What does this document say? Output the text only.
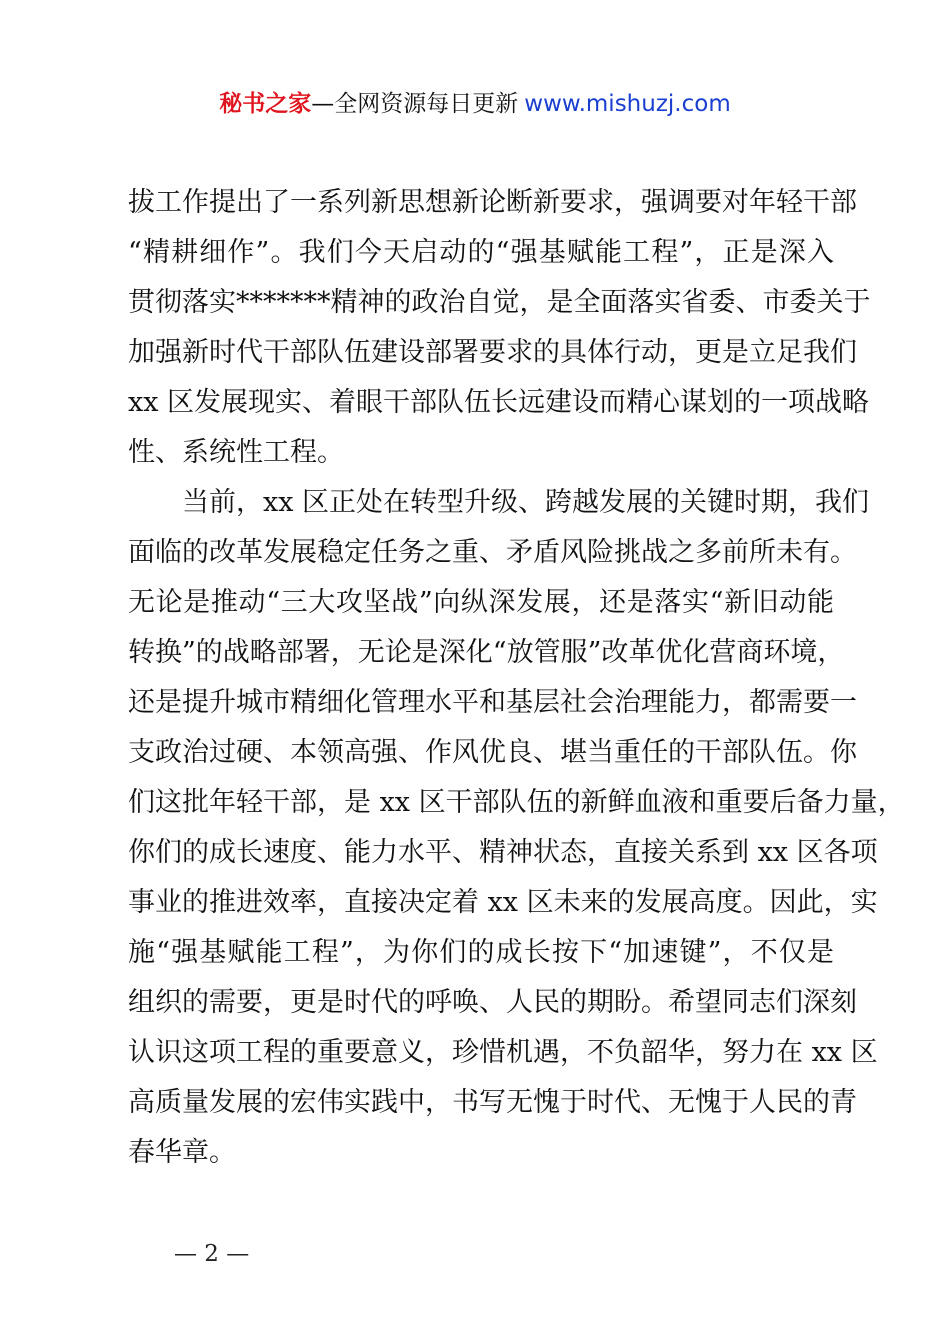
秘书之家—全网资源每日更新 www.mishuzj.com
拔工作提出了一系列新思想新论断新要求，强调要对年轻干部
“精耕细作”。我们今天启动的“强基赋能工程”，正是深入
贯彻落实*******精神的政治自觉，是全面落实省委、市委关于
加强新时代干部队伍建设部署要求的具体行动，更是立足我们
xx 区发展现实、着眼干部队伍长远建设而精心谋划的一项战略
性、系统性工程。
当前，xx 区正处在转型升级、跨越发展的关键时期，我们
面临的改革发展稳定任务之重、矛盾风险挑战之多前所未有。
无论是推动“三大攻坚战”向纵深发展，还是落实“新旧动能
转换”的战略部署，无论是深化“放管服”改革优化营商环境，
还是提升城市精细化管理水平和基层社会治理能力，都需要一
支政治过硬、本领高强、作风优良、堪当重任的干部队伍。你
们这批年轻干部，是 xx 区干部队伍的新鲜血液和重要后备力量，
你们的成长速度、能力水平、精神状态，直接关系到 xx 区各项
事业的推进效率，直接决定着 xx 区未来的发展高度。因此，实
施“强基赋能工程”，为你们的成长按下“加速键”，不仅是
组织的需要，更是时代的呼唤、人民的期盼。希望同志们深刻
认识这项工程的重要意义，珍惜机遇，不负韶华，努力在 xx 区
高质量发展的宏伟实践中，书写无愧于时代、无愧于人民的青
春华章。
— 2 —
